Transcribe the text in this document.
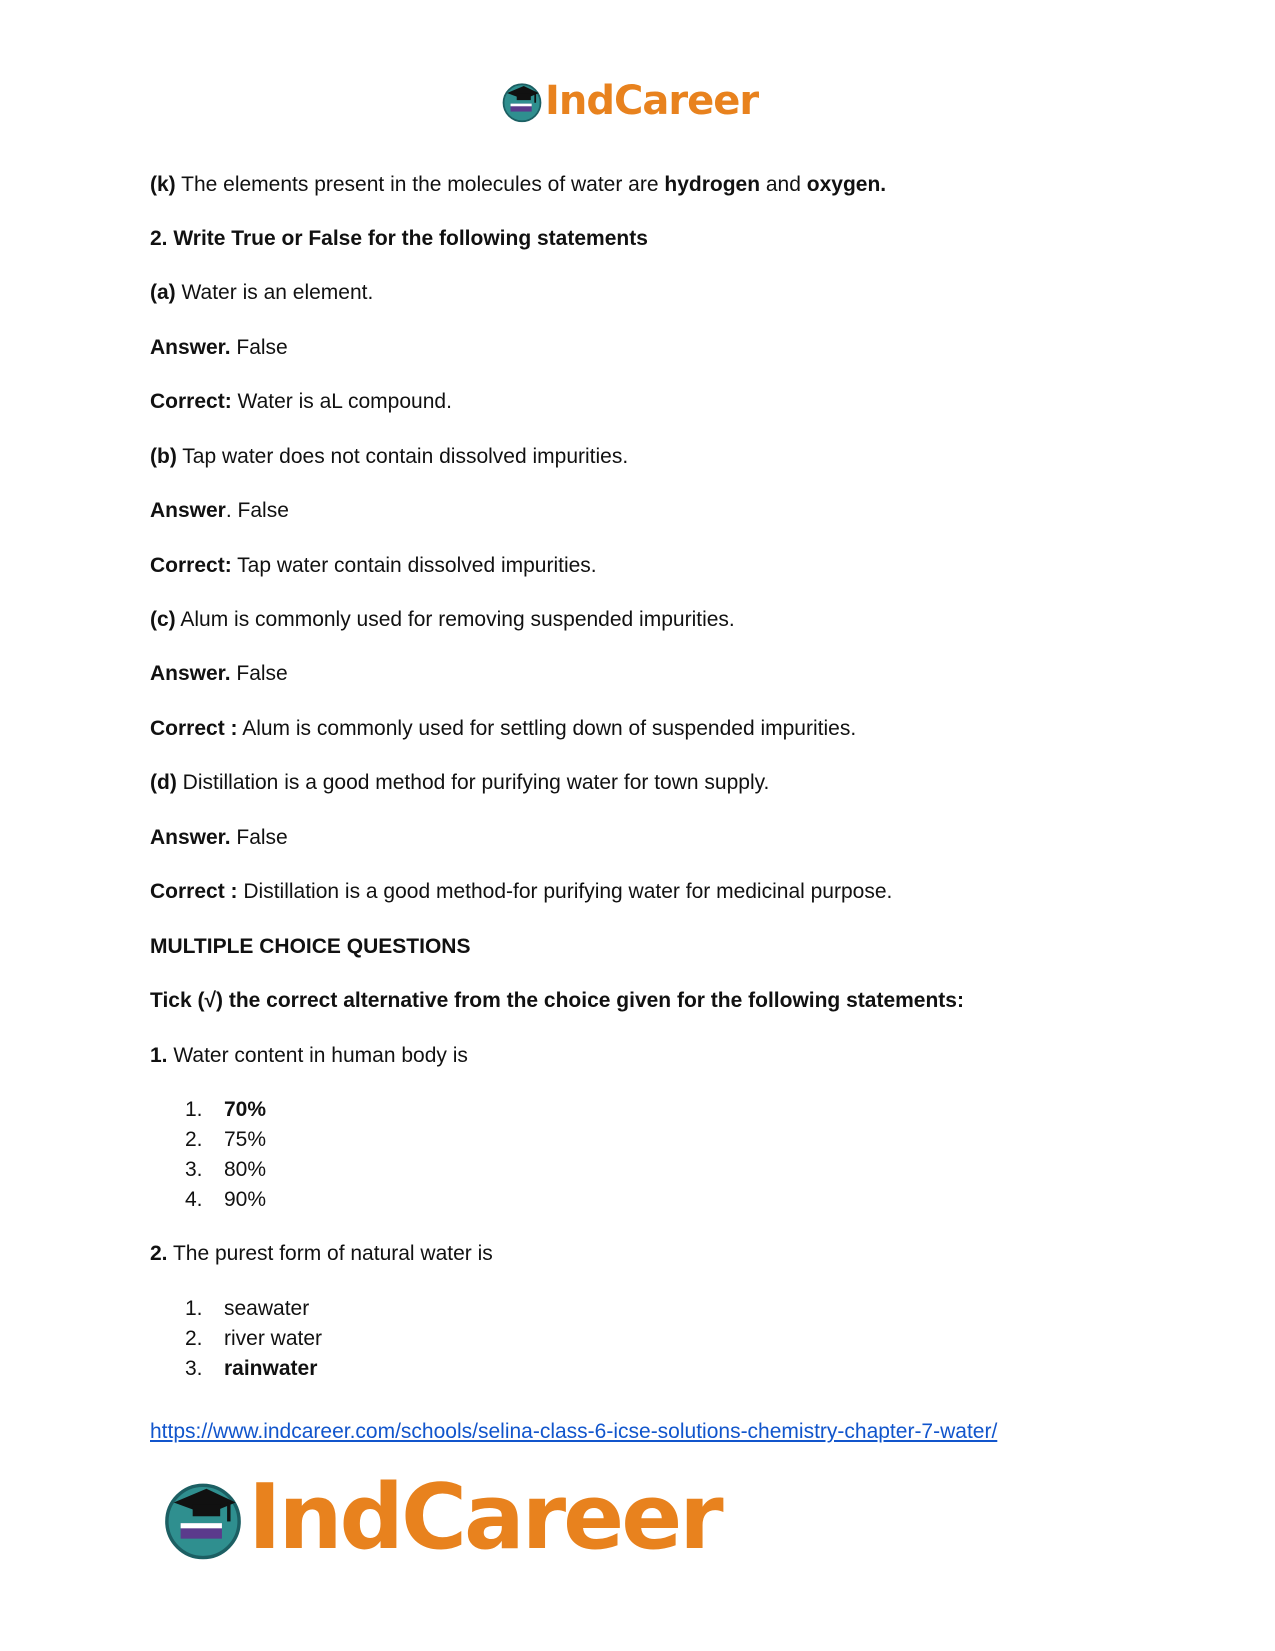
IndCareer
(k) The elements present in the molecules of water are hydrogen and oxygen.
2. Write True or False for the following statements
(a) Water is an element.
Answer. False
Correct: Water is aL compound.
(b) Tap water does not contain dissolved impurities.
Answer. False
Correct: Tap water contain dissolved impurities.
(c) Alum is commonly used for removing suspended impurities.
Answer. False
Correct : Alum is commonly used for settling down of suspended impurities.
(d) Distillation is a good method for purifying water for town supply.
Answer. False
Correct : Distillation is a good method-for purifying water for medicinal purpose.
MULTIPLE CHOICE QUESTIONS
Tick (√) the correct alternative from the choice given for the following statements:
1. Water content in human body is
1.	70%
2.	75%
3.	80%
4.	90%
2. The purest form of natural water is
1.	seawater
2.	river water
3.	rainwater
https://www.indcareer.com/schools/selina-class-6-icse-solutions-chemistry-chapter-7-water/
IndCareer
